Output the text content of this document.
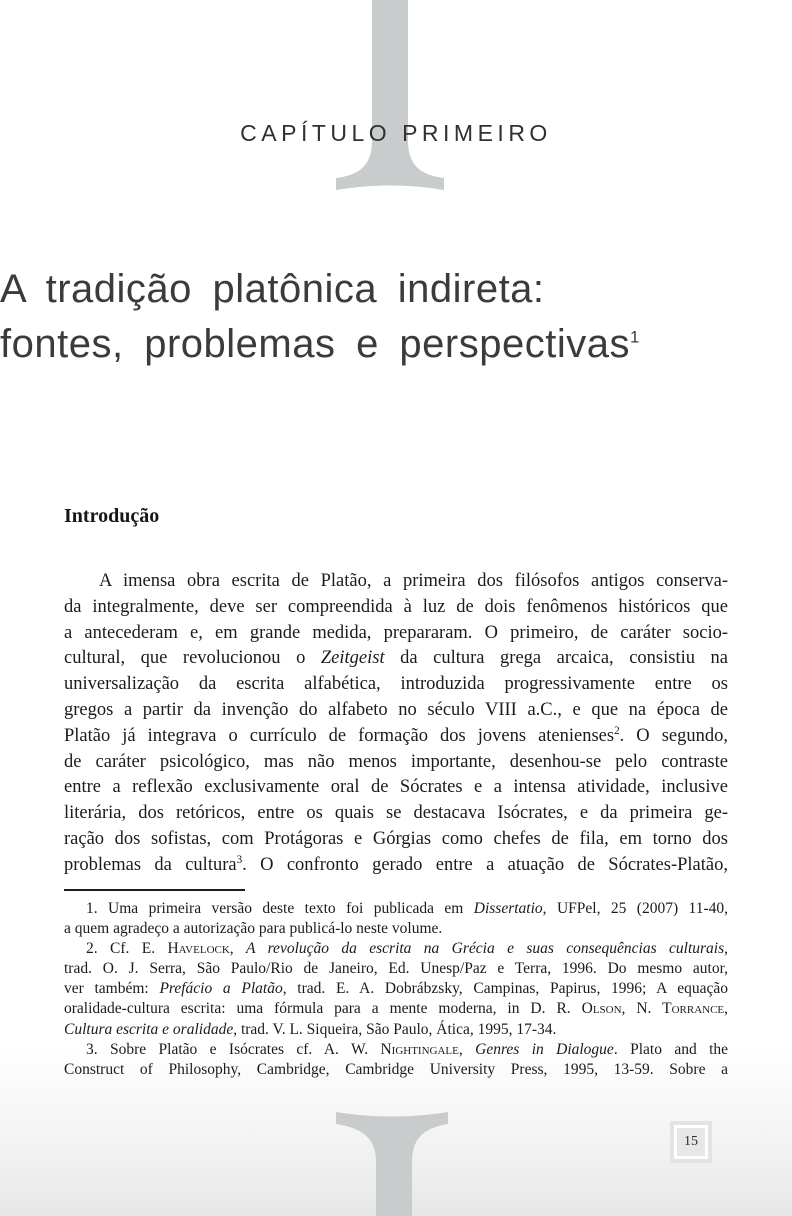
CAPÍTULO PRIMEIRO
A tradição platônica indireta:
fontes, problemas e perspectivas$^1$
Introdução
A imensa obra escrita de Platão, a primeira dos filósofos antigos conserva-
da integralmente, deve ser compreendida à luz de dois fenômenos históricos que
a antecederam e, em grande medida, prepararam. O primeiro, de caráter socio-
cultural, que revolucionou o Zeitgeist da cultura grega arcaica, consistiu na
universalização da escrita alfabética, introduzida progressivamente entre os
gregos a partir da invenção do alfabeto no século VIII a.C., e que na época de
Platão já integrava o currículo de formação dos jovens atenienses$^2$. O segundo,
de caráter psicológico, mas não menos importante, desenhou-se pelo contraste
entre a reflexão exclusivamente oral de Sócrates e a intensa atividade, inclusive
literária, dos retóricos, entre os quais se destacava Isócrates, e da primeira ge-
ração dos sofistas, com Protágoras e Górgias como chefes de fila, em torno dos
problemas da cultura$^3$. O confronto gerado entre a atuação de Sócrates-Platão,
1. Uma primeira versão deste texto foi publicada em Dissertatio, UFPel, 25 (2007) 11-40,
a quem agradeço a autorização para publicá-lo neste volume.
2. Cf. E. Havelock, A revolução da escrita na Grécia e suas consequências culturais,
trad. O. J. Serra, São Paulo/Rio de Janeiro, Ed. Unesp/Paz e Terra, 1996. Do mesmo autor,
ver também: Prefácio a Platão, trad. E. A. Dobrábzsky, Campinas, Papirus, 1996; A equação
oralidade-cultura escrita: uma fórmula para a mente moderna, in D. R. Olson, N. Torrance,
Cultura escrita e oralidade, trad. V. L. Siqueira, São Paulo, Ática, 1995, 17-34.
3. Sobre Platão e Isócrates cf. A. W. Nightingale, Genres in Dialogue. Plato and the
Construct of Philosophy, Cambridge, Cambridge University Press, 1995, 13-59. Sobre a
15
